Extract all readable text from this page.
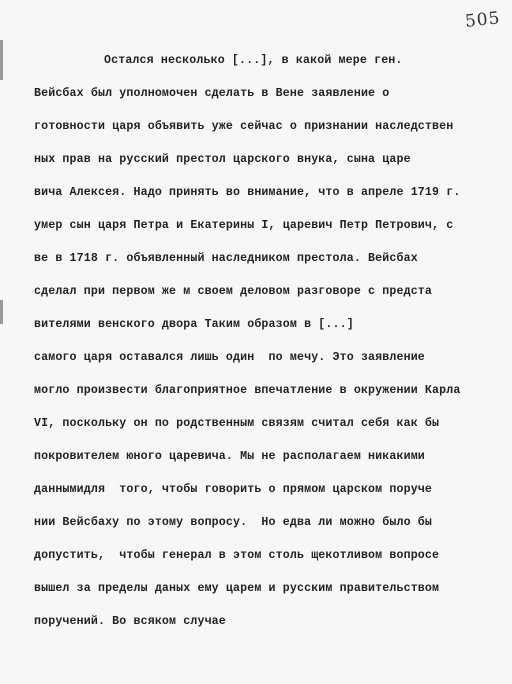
505
Остался несколько [...], в какой мере ген.
Вейсбах был уполномочен сделать в Вене заявление о
готовности царя объявить уже сейчас о признании наследствен
ных прав на русский престол царского внука, сына царе
вича Алексея. Надо принять во внимание, что в апреле 1719 г.
умер сын царя Петра и Екатерины I, царевич Петр Петрович, с
ве в 1718 г. объявленный наследником престола. Вейсбах
сделал при первом же м своем деловом разговоре с предста
вителями венского двора Таким образом в [...]
самого царя оставался лишь один  по мечу. Это заявление
могло произвести благоприятное впечатление в окружении Карла
VI, поскольку он по родственным связям считал себя как бы
покровителем юного царевича. Мы не располагаем никакими
даннымидля  того, чтобы говорить о прямом царском поруче
нии Вейсбаху по этому вопросу.  Но едва ли можно было бы
допустить,  чтобы генерал в этом столь щекотливом вопросе
вышел за пределы даных ему царем и русским правительством
поручений. Во всяком случае
